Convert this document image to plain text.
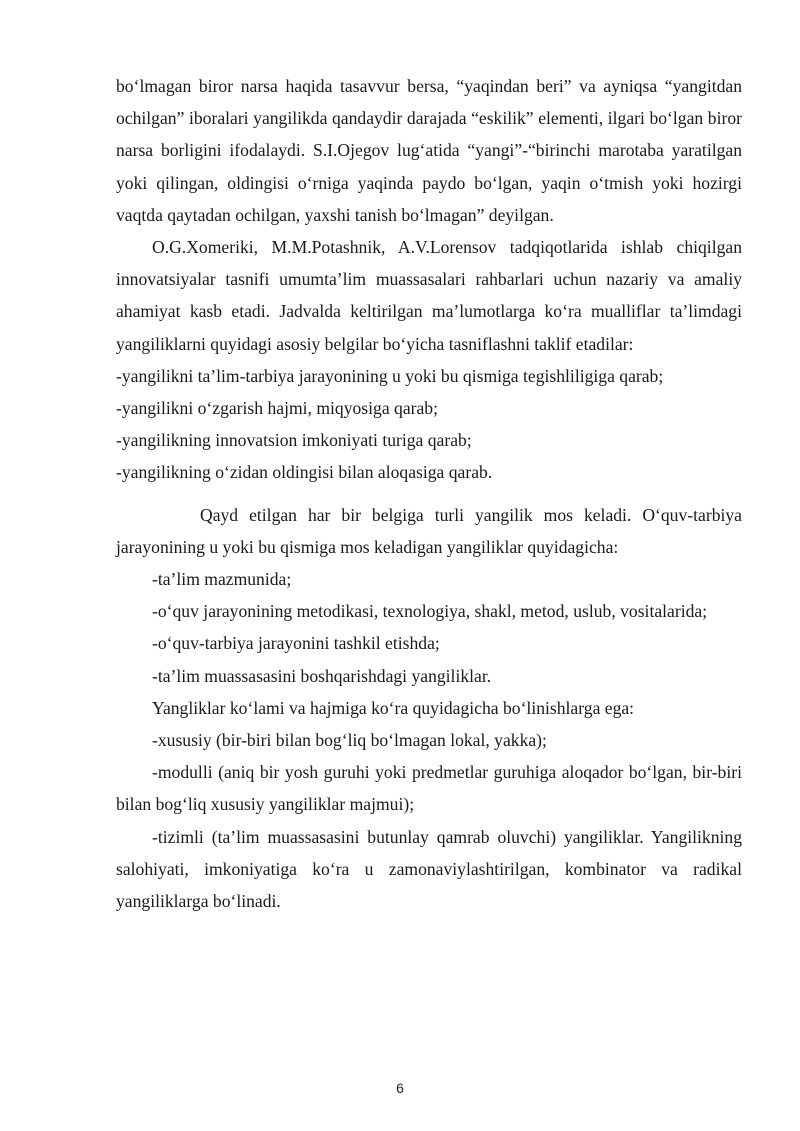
bo‘lmagan biror narsa haqida tasavvur bersa, “yaqindan beri” va ayniqsa “yangitdan ochilgan” iboralari yangilikda qandaydir darajada “eskilik” elementi, ilgari bo‘lgan biror narsa borligini ifodalaydi. S.I.Ojegov lug‘atida “yangi”-“birinchi marotaba yaratilgan yoki qilingan, oldingisi o‘rniga yaqinda paydo bo‘lgan, yaqin o‘tmish yoki hozirgi vaqtda qaytadan ochilgan, yaxshi tanish bo‘lmagan” deyilgan.

O.G.Xomeriki, M.M.Potashnik, A.V.Lorensov tadqiqotlarida ishlab chiqilgan innovatsiyalar tasnifi umumta’lim muassasalari rahbarlari uchun nazariy va amaliy ahamiyat kasb etadi. Jadvalda keltirilgan ma’lumotlarga ko‘ra mualliflar ta’limdagi yangiliklarni quyidagi asosiy belgilar bo‘yicha tasniflashni taklif etadilar:

-yangilikni ta’lim-tarbiya jarayonining u yoki bu qismiga tegishliligiga qarab;

-yangilikni o‘zgarish hajmi, miqyosiga qarab;

-yangilikning innovatsion imkoniyati turiga qarab;

-yangilikning o‘zidan oldingisi bilan aloqasiga qarab.

Qayd etilgan har bir belgiga turli yangilik mos keladi. O‘quv-tarbiya jarayonining u yoki bu qismiga mos keladigan yangiliklar quyidagicha:

-ta’lim mazmunida;

-o‘quv jarayonining metodikasi, texnologiya, shakl, metod, uslub, vositalarida;

-o‘quv-tarbiya jarayonini tashkil etishda;

-ta’lim muassasasini boshqarishdagi yangiliklar.

Yangliklar ko‘lami va hajmiga ko‘ra quyidagicha bo‘linishlarga ega:

-xususiy (bir-biri bilan bog‘liq bo‘lmagan lokal, yakka);

-modulli (aniq bir yosh guruhi yoki predmetlar guruhiga aloqador bo‘lgan, bir-biri bilan bog‘liq xususiy yangiliklar majmui);

-tizimli (ta’lim muassasasini butunlay qamrab oluvchi) yangiliklar. Yangilikning salohiyati, imkoniyatiga ko‘ra u zamonaviylashtirilgan, kombinator va radikal yangiliklarga bo‘linadi.

6
